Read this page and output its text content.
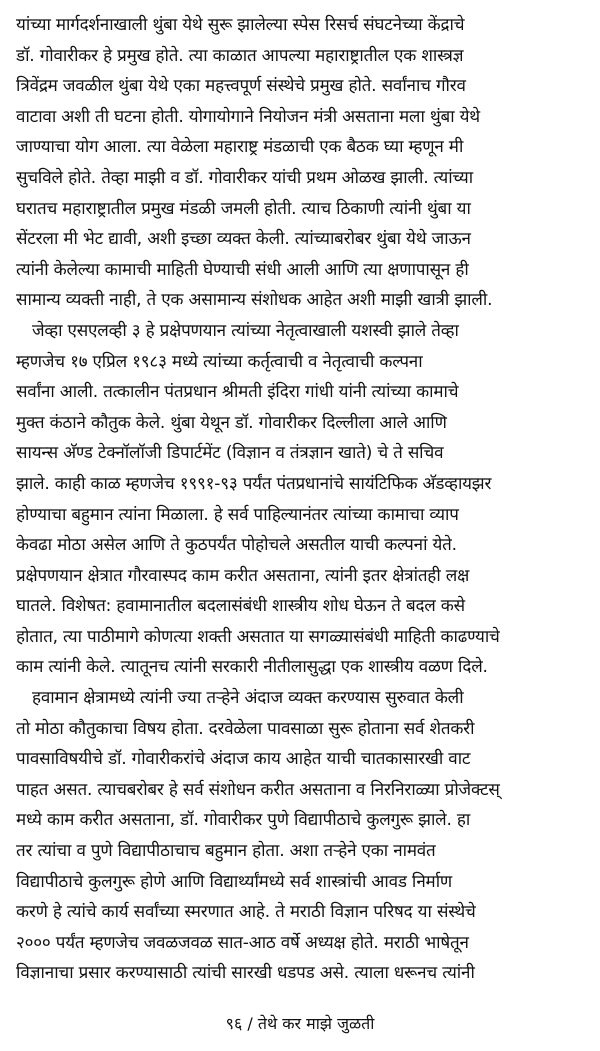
यांच्या मार्गदर्शनाखाली थुंबा येथे सुरू झालेल्या स्पेस रिसर्च संघटनेच्या केंद्राचे
डॉ. गोवारीकर हे प्रमुख होते. त्या काळात आपल्या महाराष्ट्रातील एक शास्त्रज्ञ
त्रिवेंद्रम जवळील थुंबा येथे एका महत्त्वपूर्ण संस्थेचे प्रमुख होते. सर्वांनाच गौरव
वाटावा अशी ती घटना होती. योगायोगाने नियोजन मंत्री असताना मला थुंबा येथे
जाण्याचा योग आला. त्या वेळेला महाराष्ट्र मंडळाची एक बैठक घ्या म्हणून मी
सुचविले होते. तेव्हा माझी व डॉ. गोवारीकर यांची प्रथम ओळख झाली. त्यांच्या
घरातच महाराष्ट्रातील प्रमुख मंडळी जमली होती. त्याच ठिकाणी त्यांनी थुंबा या
सेंटरला मी भेट द्यावी, अशी इच्छा व्यक्त केली. त्यांच्याबरोबर थुंबा येथे जाऊन
त्यांनी केलेल्या कामाची माहिती घेण्याची संधी आली आणि त्या क्षणापासून ही
सामान्य व्यक्ती नाही, ते एक असामान्य संशोधक आहेत अशी माझी खात्री झाली.
जेव्हा एसएलव्ही ३ हे प्रक्षेपणयान त्यांच्या नेतृत्वाखाली यशस्वी झाले तेव्हा
म्हणजेच १७ एप्रिल १९८३ मध्ये त्यांच्या कर्तृत्वाची व नेतृत्वाची कल्पना
सर्वांना आली. तत्कालीन पंतप्रधान श्रीमती इंदिरा गांधी यांनी त्यांच्या कामाचे
मुक्त कंठाने कौतुक केले. थुंबा येथून डॉ. गोवारीकर दिल्लीला आले आणि
सायन्स अ‍ॅण्ड टेक्नॉलॉजी डिपार्टमेंट (विज्ञान व तंत्रज्ञान खाते) चे ते सचिव
झाले. काही काळ म्हणजेच १९९१-९३ पर्यंत पंतप्रधानांचे सायंटिफिक अ‍ॅडव्हायझर
होण्याचा बहुमान त्यांना मिळाला. हे सर्व पाहिल्यानंतर त्यांच्या कामाचा व्याप
केवढा मोठा असेल आणि ते कुठपर्यंत पोहोचले असतील याची कल्पनां येते.
प्रक्षेपणयान क्षेत्रात गौरवास्पद काम करीत असताना, त्यांनी इतर क्षेत्रांतही लक्ष
घातले. विशेषत: हवामानातील बदलासंबंधी शास्त्रीय शोध घेऊन ते बदल कसे
होतात, त्या पाठीमागे कोणत्या शक्ती असतात या सगळ्यासंबंधी माहिती काढण्याचे
काम त्यांनी केले. त्यातूनच त्यांनी सरकारी नीतीलासुद्धा एक शास्त्रीय वळण दिले.
हवामान क्षेत्रामध्ये त्यांनी ज्या तऱ्हेने अंदाज व्यक्त करण्यास सुरुवात केली
तो मोठा कौतुकाचा विषय होता. दरवेळेला पावसाळा सुरू होताना सर्व शेतकरी
पावसाविषयीचे डॉ. गोवारीकरांचे अंदाज काय आहेत याची चातकासारखी वाट
पाहत असत. त्याचबरोबर हे सर्व संशोधन करीत असताना व निरनिराळ्या प्रोजेक्टस्
मध्ये काम करीत असताना, डॉ. गोवारीकर पुणे विद्यापीठाचे कुलगुरू झाले. हा
तर त्यांचा व पुणे विद्यापीठाचाच बहुमान होता. अशा तऱ्हेने एका नामवंत
विद्यापीठाचे कुलगुरू होणे आणि विद्यार्थ्यांमध्ये सर्व शास्त्रांची आवड निर्माण
करणे हे त्यांचे कार्य सर्वांच्या स्मरणात आहे. ते मराठी विज्ञान परिषद या संस्थेचे
२००० पर्यंत म्हणजेच जवळजवळ सात-आठ वर्षे अध्यक्ष होते. मराठी भाषेतून
विज्ञानाचा प्रसार करण्यासाठी त्यांची सारखी धडपड असे. त्याला धरूनच त्यांनी
९६ / तेथे कर माझे जुळती
